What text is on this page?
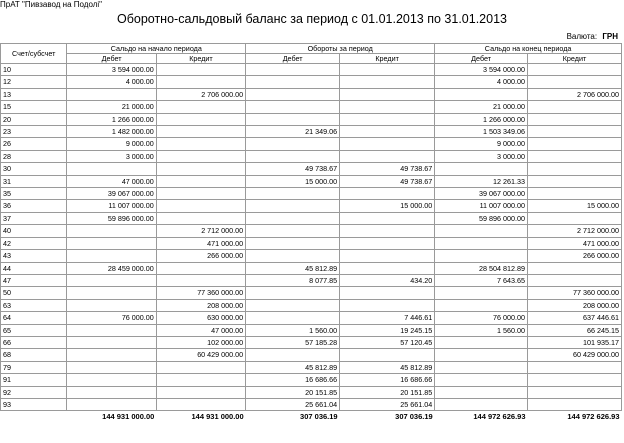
ПрАТ "Пивзавод на Подолі"
Оборотно-сальдовый баланс за период с 01.01.2013 по 31.01.2013
Валюта: ГРН
Счет/субсчет	Сальдо на начало периода		Обороты за период		Сальдо на конец периода	
	Дебет	Кредит	Дебет	Кредит	Дебет	Кредит
10	3 594 000.00				3 594 000.00	
12	4 000.00				4 000.00	
13		2 706 000.00				2 706 000.00
15	21 000.00				21 000.00	
20	1 266 000.00				1 266 000.00	
23	1 482 000.00		21 349.06		1 503 349.06	
26	9 000.00				9 000.00	
28	3 000.00				3 000.00	
30			49 738.67	49 738.67		
31	47 000.00		15 000.00	49 738.67	12 261.33	
35	39 067 000.00				39 067 000.00	
36	11 007 000.00			15 000.00	11 007 000.00	15 000.00
37	59 896 000.00				59 896 000.00	
40		2 712 000.00				2 712 000.00
42		471 000.00				471 000.00
43		266 000.00				266 000.00
44	28 459 000.00		45 812.89		28 504 812.89	
47			8 077.85	434.20	7 643.65	
50		77 360 000.00				77 360 000.00
63		208 000.00				208 000.00
64	76 000.00	630 000.00		7 446.61	76 000.00	637 446.61
65		47 000.00	1 560.00	19 245.15	1 560.00	66 245.15
66		102 000.00	57 185.28	57 120.45		101 935.17
68		60 429 000.00				60 429 000.00
79			45 812.89	45 812.89		
91			16 686.66	16 686.66		
92			20 151.85	20 151.85		
93			25 661.04	25 661.04		
	144 931 000.00	144 931 000.00	307 036.19	307 036.19	144 972 626.93	144 972 626.93
